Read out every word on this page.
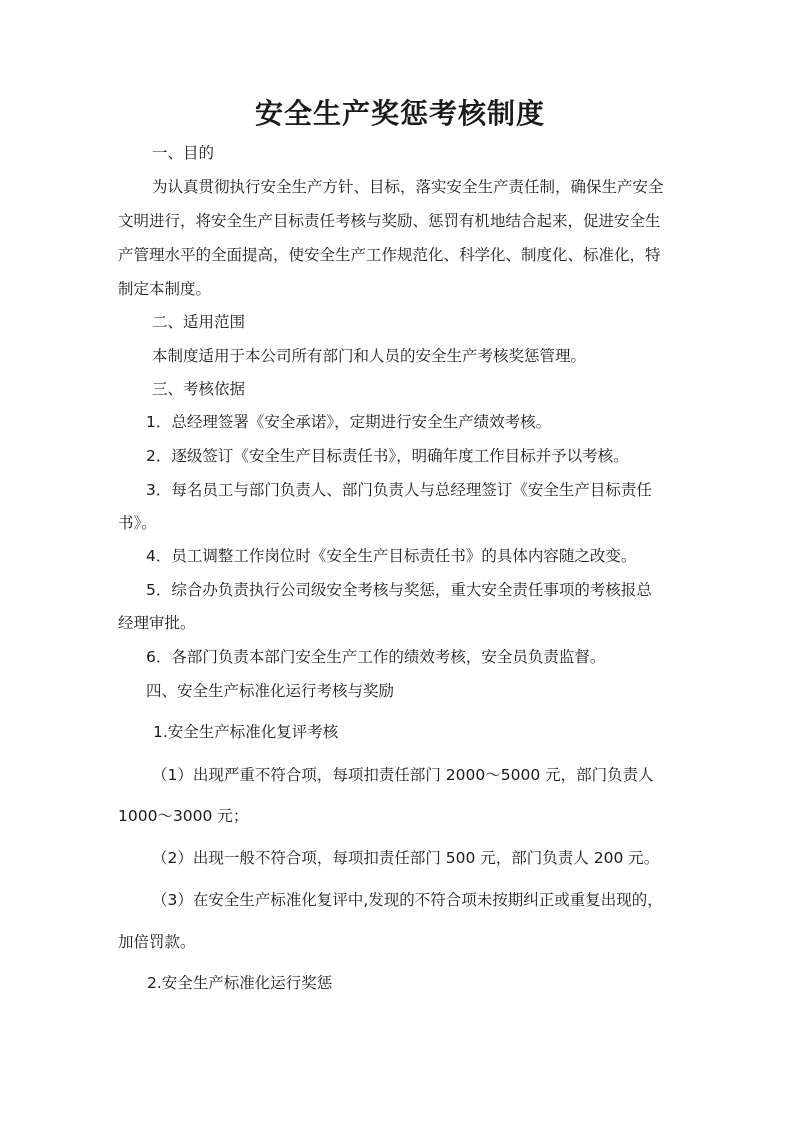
安全生产奖惩考核制度
一、目的
为认真贯彻执行安全生产方针、目标，落实安全生产责任制，确保生产安全
文明进行，将安全生产目标责任考核与奖励、惩罚有机地结合起来，促进安全生
产管理水平的全面提高，使安全生产工作规范化、科学化、制度化、标准化，特
制定本制度。
二、适用范围
本制度适用于本公司所有部门和人员的安全生产考核奖惩管理。
三、考核依据
1．总经理签署《安全承诺》，定期进行安全生产绩效考核。
2．逐级签订《安全生产目标责任书》，明确年度工作目标并予以考核。
3．每名员工与部门负责人、部门负责人与总经理签订《安全生产目标责任
书》。
4．员工调整工作岗位时《安全生产目标责任书》的具体内容随之改变。
5．综合办负责执行公司级安全考核与奖惩，重大安全责任事项的考核报总
经理审批。
6．各部门负责本部门安全生产工作的绩效考核，安全员负责监督。
四、安全生产标准化运行考核与奖励
1.安全生产标准化复评考核
（1）出现严重不符合项，每项扣责任部门 2000～5000 元，部门负责人
1000～3000 元；
（2）出现一般不符合项，每项扣责任部门 500 元，部门负责人 200 元。
（3）在安全生产标准化复评中,发现的不符合项未按期纠正或重复出现的，
加倍罚款。
2.安全生产标准化运行奖惩
